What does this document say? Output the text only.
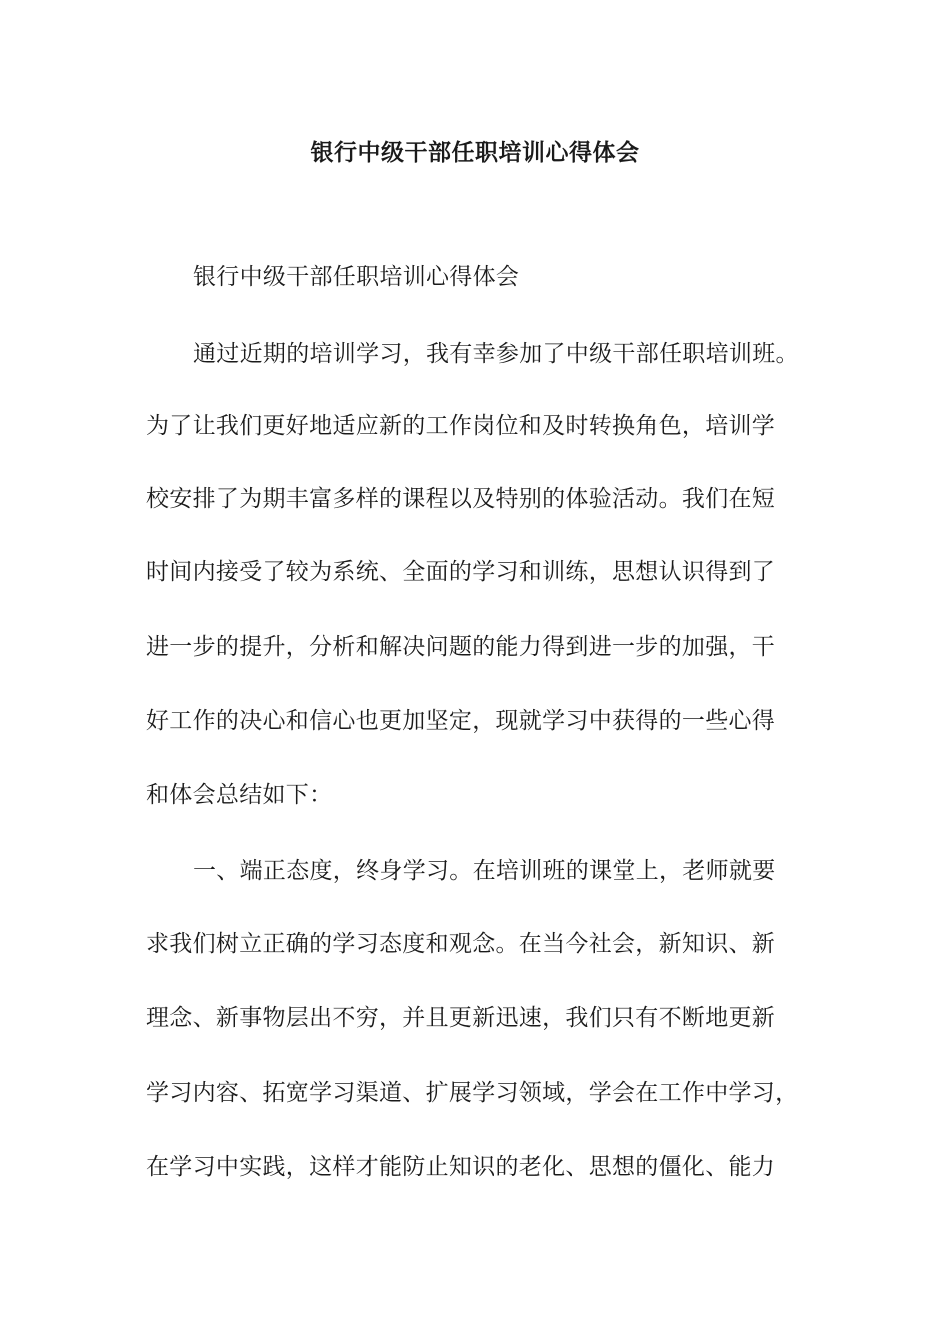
银行中级干部任职培训心得体会
银行中级干部任职培训心得体会
通过近期的培训学习，我有幸参加了中级干部任职培训班。
为了让我们更好地适应新的工作岗位和及时转换角色，培训学
校安排了为期丰富多样的课程以及特别的体验活动。我们在短
时间内接受了较为系统、全面的学习和训练，思想认识得到了
进一步的提升，分析和解决问题的能力得到进一步的加强，干
好工作的决心和信心也更加坚定，现就学习中获得的一些心得
和体会总结如下：
一、端正态度，终身学习。在培训班的课堂上，老师就要
求我们树立正确的学习态度和观念。在当今社会，新知识、新
理念、新事物层出不穷，并且更新迅速，我们只有不断地更新
学习内容、拓宽学习渠道、扩展学习领域，学会在工作中学习，
在学习中实践，这样才能防止知识的老化、思想的僵化、能力
